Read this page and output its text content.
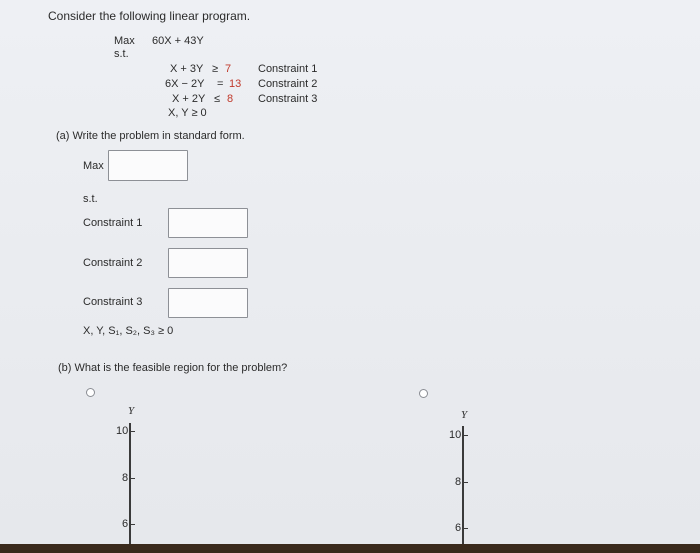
Consider the following linear program.
Max 60X + 43Y
s.t.
X + 3Y ≥ 7 Constraint 1
6X − 2Y = 13 Constraint 2
X + 2Y ≤ 8 Constraint 3
X, Y ≥ 0
(a) Write the problem in standard form.
Max
s.t.
Constraint 1
Constraint 2
Constraint 3
X, Y, S₁, S₂, S₃ ≥ 0
(b) What is the feasible region for the problem?
Y
10
8
6
Y
10
8
6
